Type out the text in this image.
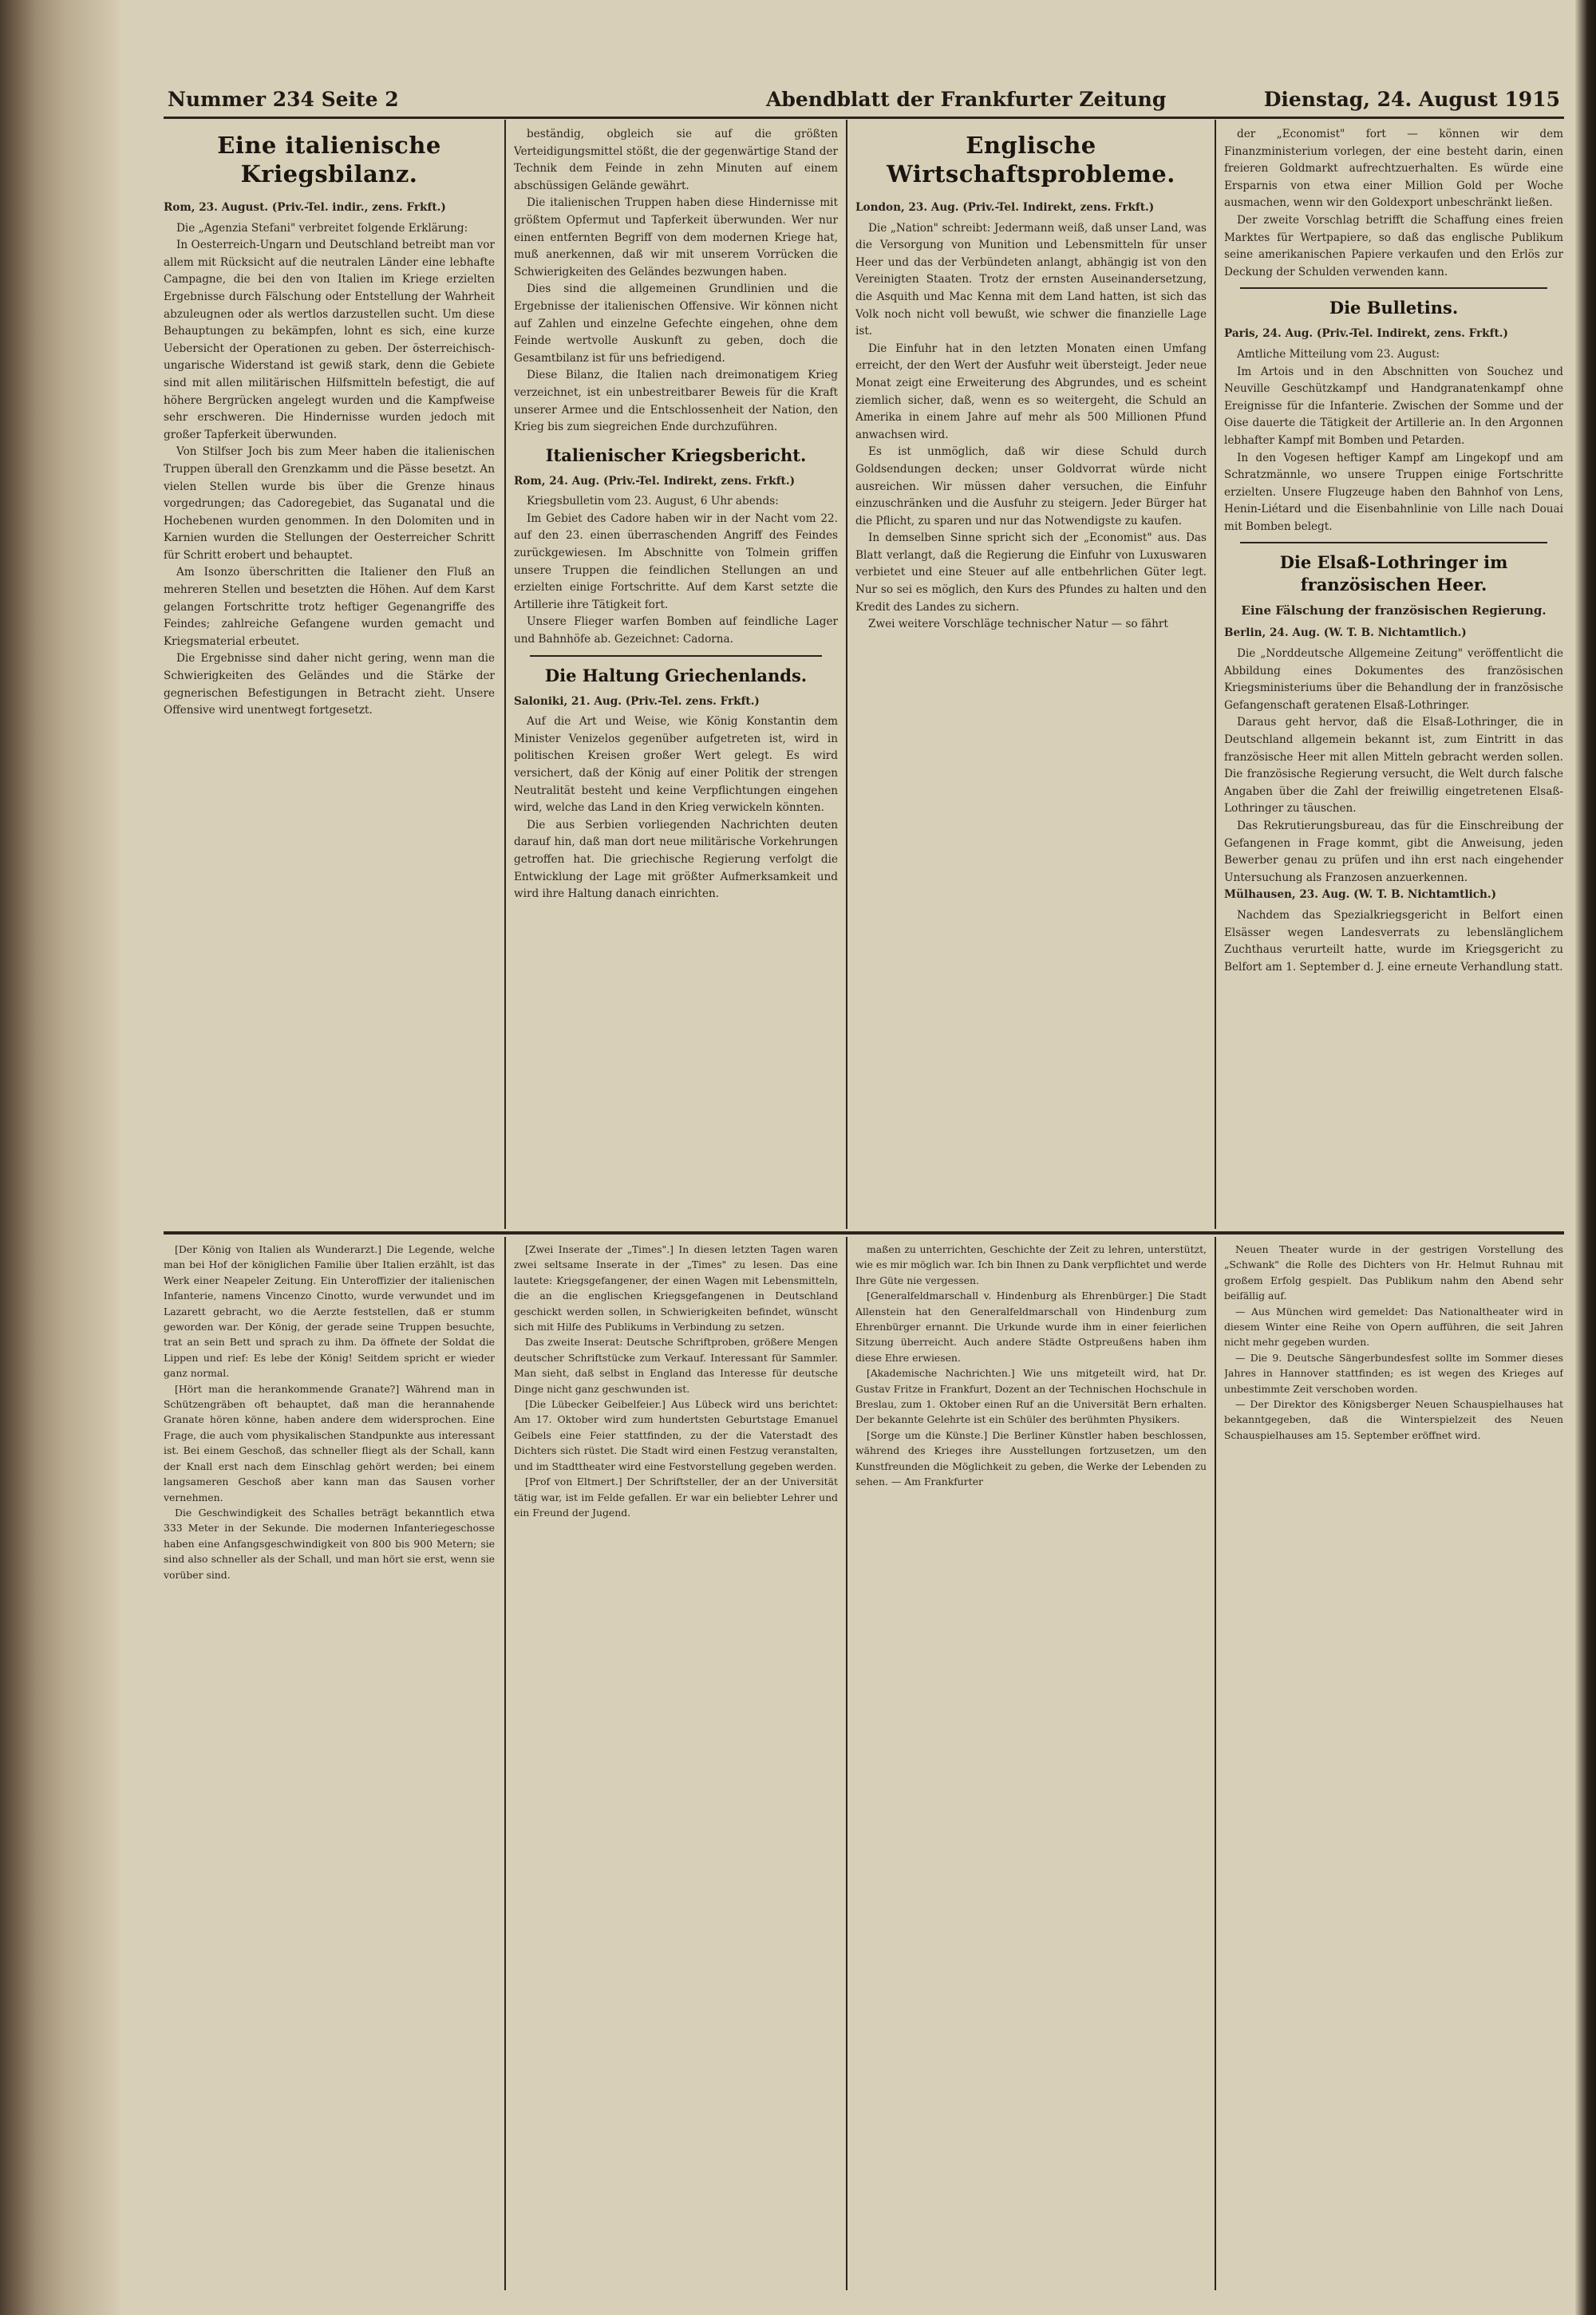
Nummer 234 Seite 2	Abendblatt der Frankfurter Zeitung	Dienstag, 24. August 1915
Eine italienische Kriegsbilanz.
Rom, 23. August. (Priv.-Tel. indir., zens. Frkft.)

Die „Agenzia Stefani" verbreitet folgende Erklärung:

In Oesterreich-Ungarn und Deutschland betreibt man vor allem mit Rücksicht auf die neutralen Länder eine lebhafte Campagne, die bei den von Italien im Kriege erzielten Ergebnisse durch Fälschung oder Entstellung der Wahrheit abzuleugnen oder als wertlos darzustellen sucht. Um diese Behauptungen zu bekämpfen, lohnt es sich, eine kurze Uebersicht der Operationen zu geben. Der österreichisch-ungarische Widerstand ist gewiß stark, denn die Gebiete sind mit allen militärischen Hilfsmitteln befestigt, die auf höhere Bergrücken angelegt wurden und die Kampfweise sehr erschweren. Die Hindernisse wurden jedoch mit großer Tapferkeit überwunden.

Von Stilfser Joch bis zum Meer haben die italienischen Truppen überall den Grenzkamm und die Pässe besetzt. An vielen Stellen wurde bis über die Grenze hinaus vorgedrungen; das Cadoregebiet, das Suganatal und die Hochebenen wurden genommen. In den Dolomiten und in Karnien wurden die Stellungen der Oesterreicher Schritt für Schritt erobert und behauptet.

Am Isonzo überschritten die Italiener den Fluß an mehreren Stellen und besetzten die Höhen. Auf dem Karst gelangen Fortschritte trotz heftiger Gegenangriffe des Feindes; zahlreiche Gefangene wurden gemacht und Kriegsmaterial erbeutet.

Die Ergebnisse sind daher nicht gering, wenn man die Schwierigkeiten des Geländes und die Stärke der gegnerischen Befestigungen in Betracht zieht. Unsere Offensive wird unentwegt fortgesetzt.

beständig, obgleich sie auf die größten Verteidigungsmittel stößt, die der gegenwärtige Stand der Technik dem Feinde in zehn Minuten auf einem abschüssigen Gelände gewährt.

Die italienischen Truppen haben diese Hindernisse mit größtem Opfermut und Tapferkeit überwunden. Wer nur einen entfernten Begriff von dem modernen Kriege hat, muß anerkennen, daß wir mit unserem Vorrücken die Schwierigkeiten des Geländes bezwungen haben.

Dies sind die allgemeinen Grundlinien und die Ergebnisse der italienischen Offensive. Wir können nicht auf Zahlen und einzelne Gefechte eingehen, ohne dem Feinde wertvolle Auskunft zu geben, doch die Gesamtbilanz ist für uns befriedigend.

Diese Bilanz, die Italien nach dreimonatigem Krieg verzeichnet, ist ein unbestreitbarer Beweis für die Kraft unserer Armee und die Entschlossenheit der Nation, den Krieg bis zum siegreichen Ende durchzuführen.

Italienischer Kriegsbericht.
Rom, 24. Aug. (Priv.-Tel. Indirekt, zens. Frkft.)

Kriegsbulletin vom 23. August, 6 Uhr abends:

Im Gebiet des Cadore haben wir in der Nacht vom 22. auf den 23. einen überraschenden Angriff des Feindes zurückgewiesen. Im Abschnitte von Tolmein griffen unsere Truppen die feindlichen Stellungen an und erzielten einige Fortschritte. Auf dem Karst setzte die Artillerie ihre Tätigkeit fort.

Unsere Flieger warfen Bomben auf feindliche Lager und Bahnhöfe ab. Gezeichnet: Cadorna.

Die Haltung Griechenlands.
Saloniki, 21. Aug. (Priv.-Tel. zens. Frkft.)

Auf die Art und Weise, wie König Konstantin dem Minister Venizelos gegenüber aufgetreten ist, wird in politischen Kreisen großer Wert gelegt. Es wird versichert, daß der König auf einer Politik der strengen Neutralität besteht und keine Verpflichtungen eingehen wird, welche das Land in den Krieg verwickeln könnten.

Die aus Serbien vorliegenden Nachrichten deuten darauf hin, daß man dort neue militärische Vorkehrungen getroffen hat. Die griechische Regierung verfolgt die Entwicklung der Lage mit größter Aufmerksamkeit und wird ihre Haltung danach einrichten.

Englische Wirtschaftsprobleme.
London, 23. Aug. (Priv.-Tel. Indirekt, zens. Frkft.)

Die „Nation" schreibt: Jedermann weiß, daß unser Land, was die Versorgung von Munition und Lebensmitteln für unser Heer und das der Verbündeten anlangt, abhängig ist von den Vereinigten Staaten. Trotz der ernsten Auseinandersetzung, die Asquith und Mac Kenna mit dem Land hatten, ist sich das Volk noch nicht voll bewußt, wie schwer die finanzielle Lage ist.

Die Einfuhr hat in den letzten Monaten einen Umfang erreicht, der den Wert der Ausfuhr weit übersteigt. Jeder neue Monat zeigt eine Erweiterung des Abgrundes, und es scheint ziemlich sicher, daß, wenn es so weitergeht, die Schuld an Amerika in einem Jahre auf mehr als 500 Millionen Pfund anwachsen wird.

Es ist unmöglich, daß wir diese Schuld durch Goldsendungen decken; unser Goldvorrat würde nicht ausreichen. Wir müssen daher versuchen, die Einfuhr einzuschränken und die Ausfuhr zu steigern. Jeder Bürger hat die Pflicht, zu sparen und nur das Notwendigste zu kaufen.

In demselben Sinne spricht sich der „Economist" aus. Das Blatt verlangt, daß die Regierung die Einfuhr von Luxuswaren verbietet und eine Steuer auf alle entbehrlichen Güter legt. Nur so sei es möglich, den Kurs des Pfundes zu halten und den Kredit des Landes zu sichern.

Zwei weitere Vorschläge technischer Natur — so fährt

der „Economist" fort — können wir dem Finanzministerium vorlegen, der eine besteht darin, einen freieren Goldmarkt aufrechtzuerhalten. Es würde eine Ersparnis von etwa einer Million Gold per Woche ausmachen, wenn wir den Goldexport unbeschränkt ließen.

Der zweite Vorschlag betrifft die Schaffung eines freien Marktes für Wertpapiere, so daß das englische Publikum seine amerikanischen Papiere verkaufen und den Erlös zur Deckung der Schulden verwenden kann.

Die Bulletins.
Paris, 24. Aug. (Priv.-Tel. Indirekt, zens. Frkft.)

Amtliche Mitteilung vom 23. August:

Im Artois und in den Abschnitten von Souchez und Neuville Geschützkampf und Handgranatenkampf ohne Ereignisse für die Infanterie. Zwischen der Somme und der Oise dauerte die Tätigkeit der Artillerie an. In den Argonnen lebhafter Kampf mit Bomben und Petarden.

In den Vogesen heftiger Kampf am Lingekopf und am Schratzmännle, wo unsere Truppen einige Fortschritte erzielten. Unsere Flugzeuge haben den Bahnhof von Lens, Henin-Liétard und die Eisenbahnlinie von Lille nach Douai mit Bomben belegt.

Die Elsaß-Lothringer im französischen Heer.
Eine Fälschung der französischen Regierung.
Berlin, 24. Aug. (W. T. B. Nichtamtlich.)

Die „Norddeutsche Allgemeine Zeitung" veröffentlicht die Abbildung eines Dokumentes des französischen Kriegsministeriums über die Behandlung der in französische Gefangenschaft geratenen Elsaß-Lothringer.

Daraus geht hervor, daß die Elsaß-Lothringer, die in Deutschland allgemein bekannt ist, zum Eintritt in das französische Heer mit allen Mitteln gebracht werden sollen. Die französische Regierung versucht, die Welt durch falsche Angaben über die Zahl der freiwillig eingetretenen Elsaß-Lothringer zu täuschen.

Das Rekrutierungsbureau, das für die Einschreibung der Gefangenen in Frage kommt, gibt die Anweisung, jeden Bewerber genau zu prüfen und ihn erst nach eingehender Untersuchung als Franzosen anzuerkennen.

Mülhausen, 23. Aug. (W. T. B. Nichtamtlich.)

Nachdem das Spezialkriegsgericht in Belfort einen Elsässer wegen Landesverrats zu lebenslänglichem Zuchthaus verurteilt hatte, wurde im Kriegsgericht zu Belfort am 1. September d. J. eine erneute Verhandlung statt.

[Der König von Italien als Wunderarzt.] Die Legende, welche man bei Hof der königlichen Familie über Italien erzählt, ist das Werk einer Neapeler Zeitung. Ein Unteroffizier der italienischen Infanterie, namens Vincenzo Cinotto, wurde verwundet und im Lazarett gebracht, wo die Aerzte feststellen, daß er stumm geworden war. Der König, der gerade seine Truppen besuchte, trat an sein Bett und sprach zu ihm. Da öffnete der Soldat die Lippen und rief: Es lebe der König! Seitdem spricht er wieder ganz normal.

[Hört man die herankommende Granate?] Während man in Schützengräben oft behauptet, daß man die herannahende Granate hören könne, haben andere dem widersprochen. Eine Frage, die auch vom physikalischen Standpunkte aus interessant ist. Bei einem Geschoß, das schneller fliegt als der Schall, kann der Knall erst nach dem Einschlag gehört werden; bei einem langsameren Geschoß aber kann man das Sausen vorher vernehmen.

Die Geschwindigkeit des Schalles beträgt bekanntlich etwa 333 Meter in der Sekunde. Die modernen Infanteriegeschosse haben eine Anfangsgeschwindigkeit von 800 bis 900 Metern; sie sind also schneller als der Schall, und man hört sie erst, wenn sie vorüber sind.

[Zwei Inserate der „Times".] In diesen letzten Tagen waren zwei seltsame Inserate in der „Times" zu lesen. Das eine lautete: Kriegsgefangener, der einen Wagen mit Lebensmitteln, die an die englischen Kriegsgefangenen in Deutschland geschickt werden sollen, in Schwierigkeiten befindet, wünscht sich mit Hilfe des Publikums in Verbindung zu setzen.

Das zweite Inserat: Deutsche Schriftproben, größere Mengen deutscher Schriftstücke zum Verkauf. Interessant für Sammler. Man sieht, daß selbst in England das Interesse für deutsche Dinge nicht ganz geschwunden ist.

[Die Lübecker Geibelfeier.] Aus Lübeck wird uns berichtet: Am 17. Oktober wird zum hundertsten Geburtstage Emanuel Geibels eine Feier stattfinden, zu der die Vaterstadt des Dichters sich rüstet. Die Stadt wird einen Festzug veranstalten, und im Stadttheater wird eine Festvorstellung gegeben werden.

[Prof von Eltmert.] Der Schriftsteller, der an der Universität tätig war, ist im Felde gefallen. Er war ein beliebter Lehrer und ein Freund der Jugend.

maßen zu unterrichten, Geschichte der Zeit zu lehren, unterstützt, wie es mir möglich war. Ich bin Ihnen zu Dank verpflichtet und werde Ihre Güte nie vergessen.

[Generalfeldmarschall v. Hindenburg als Ehrenbürger.] Die Stadt Allenstein hat den Generalfeldmarschall von Hindenburg zum Ehrenbürger ernannt. Die Urkunde wurde ihm in einer feierlichen Sitzung überreicht. Auch andere Städte Ostpreußens haben ihm diese Ehre erwiesen.

[Akademische Nachrichten.] Wie uns mitgeteilt wird, hat Dr. Gustav Fritze in Frankfurt, Dozent an der Technischen Hochschule in Breslau, zum 1. Oktober einen Ruf an die Universität Bern erhalten. Der bekannte Gelehrte ist ein Schüler des berühmten Physikers.

[Sorge um die Künste.] Die Berliner Künstler haben beschlossen, während des Krieges ihre Ausstellungen fortzusetzen, um den Kunstfreunden die Möglichkeit zu geben, die Werke der Lebenden zu sehen. — Am Frankfurter

Neuen Theater wurde in der gestrigen Vorstellung des „Schwank" die Rolle des Dichters von Hr. Helmut Ruhnau mit großem Erfolg gespielt. Das Publikum nahm den Abend sehr beifällig auf.

— Aus München wird gemeldet: Das Nationaltheater wird in diesem Winter eine Reihe von Opern aufführen, die seit Jahren nicht mehr gegeben wurden.

— Die 9. Deutsche Sängerbundesfest sollte im Sommer dieses Jahres in Hannover stattfinden; es ist wegen des Krieges auf unbestimmte Zeit verschoben worden.

— Der Direktor des Königsberger Neuen Schauspielhauses hat bekanntgegeben, daß die Winterspielzeit des Neuen Schauspielhauses am 15. September eröffnet wird.
